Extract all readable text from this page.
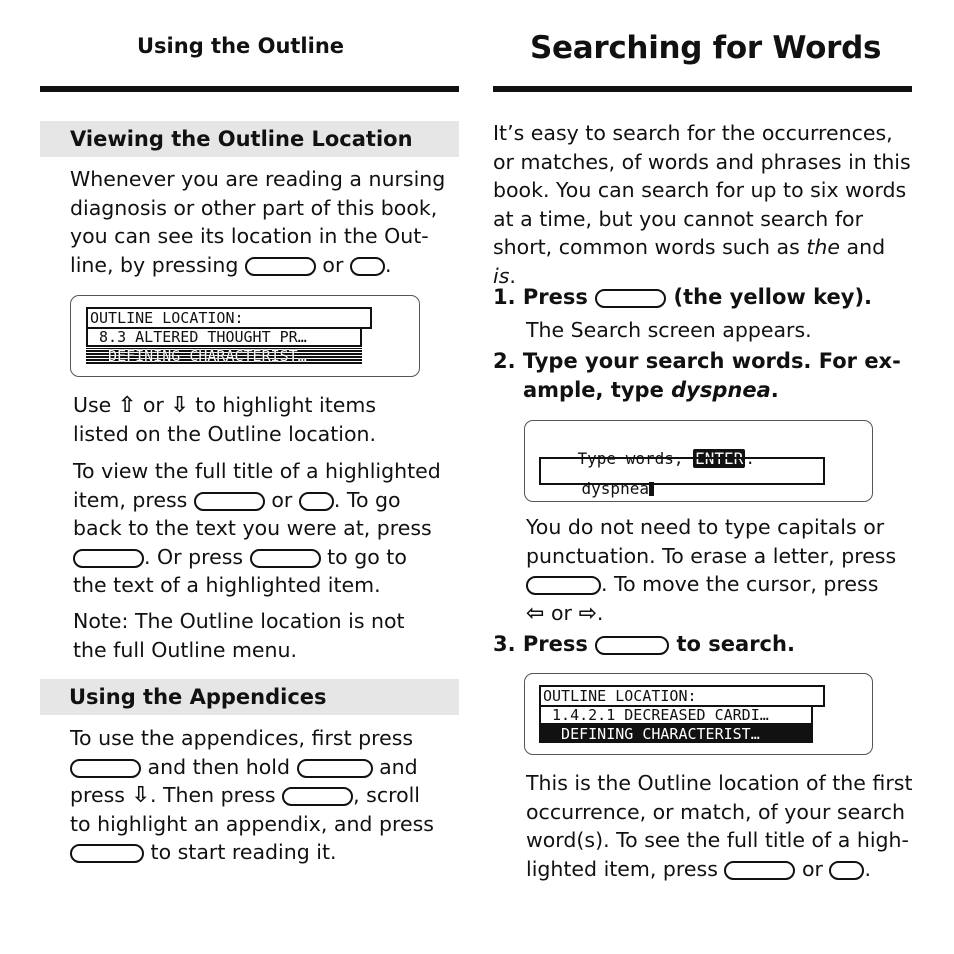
Using the Outline	Searching for Words
Viewing the Outline Location
Whenever you are reading a nursing
diagnosis or other part of this book,
you can see its location in the Out-
line, by pressing	or .
OUTLINE LOCATION:
8.3 ALTERED THOUGHT PR…
DEFINING CHARACTERIST…
Use ⇧ or ⇩ to highlight items
listed on the Outline location.
To view the full title of a highlighted
item, press	or . To go
back to the text you were at, press
. Or press	to go to
the text of a highlighted item.
Note: The Outline location is not
the full Outline menu.
Using the Appendices
To use the appendices, first press
and then hold	and
press ⇩. Then press	, scroll
to highlight an appendix, and press
to start reading it.
It’s easy to search for the occurrences,
or matches, of words and phrases in this
book. You can search for up to six words
at a time, but you cannot search for
short, common words such as the and is.
1. Press	(the yellow key).
The Search screen appears.
2. Type your search words. For ex-
ample, type dyspnea.

Type words, ENTER .

dyspnea

You do not need to type capitals or
punctuation. To erase a letter, press
. To move the cursor, press
⇦ or ⇨.
3. Press	to search.
OUTLINE LOCATION:
1.4.2.1 DECREASED CARDI…
DEFINING CHARACTERIST…
This is the Outline location of the first
occurrence, or match, of your search
word(s). To see the full title of a high-
lighted item, press	or .
